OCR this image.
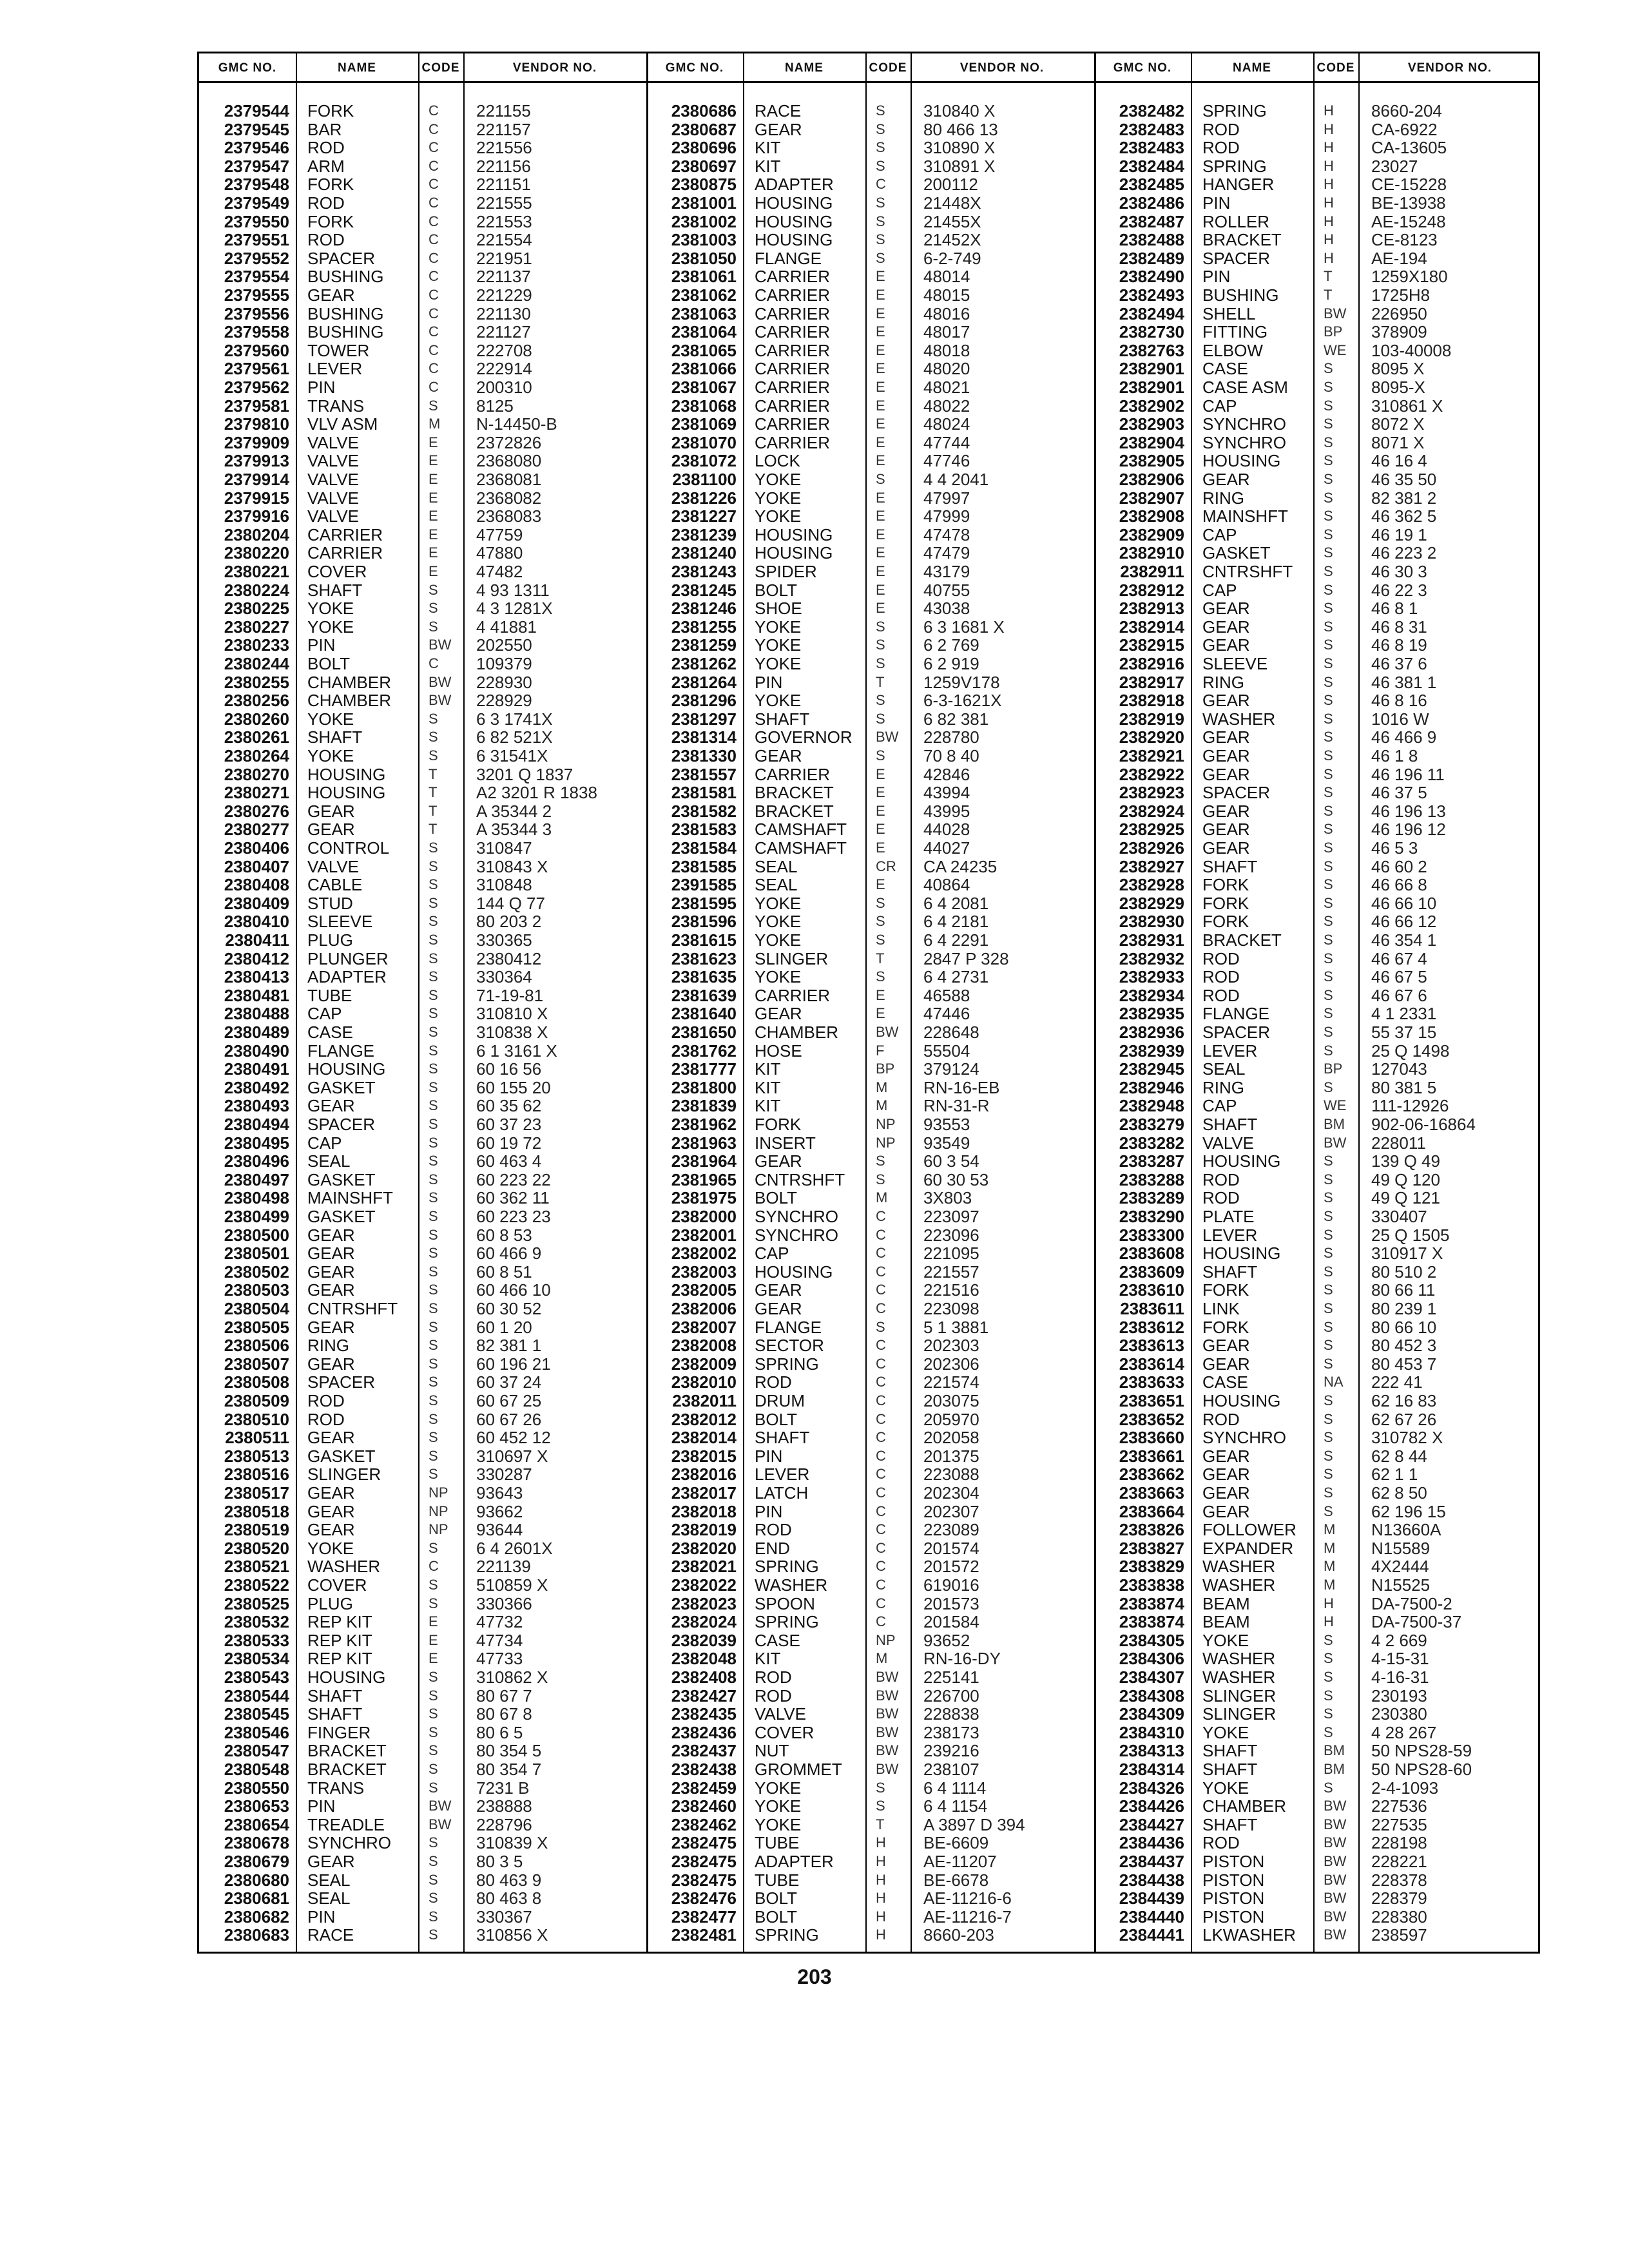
GMC NO.	NAME	CODE	VENDOR NO.	GMC NO.	NAME	CODE	VENDOR NO.	GMC NO.	NAME	CODE	VENDOR NO.
2379544 FORK	C	221155
2379545 BAR	C	221157
2379546 ROD	C	221556
2379547 ARM	C	221156
2379548 FORK	C	221151
2379549 ROD	C	221555
2379550 FORK	C	221553
2379551 ROD	C	221554
2379552 SPACER	C	221951
2379554 BUSHING	C	221137
2379555 GEAR	C	221229
2379556 BUSHING	C	221130
2379558 BUSHING	C	221127
2379560 TOWER	C	222708
2379561 LEVER	C	222914
2379562 PIN	C	200310
2379581 TRANS	S	8125
2379810 VLV ASM	M	N-14450-B
2379909 VALVE	E	2372826
2379913 VALVE	E	2368080
2379914 VALVE	E	2368081
2379915 VALVE	E	2368082
2379916 VALVE	E	2368083
2380204 CARRIER	E	47759
2380220 CARRIER	E	47880
2380221 COVER	E	47482
2380224 SHAFT	S	4 93 1311
2380225 YOKE	S	4 3 1281X
2380227 YOKE	S	4 41881
2380233 PIN	BW	202550
2380244 BOLT	C	109379
2380255 CHAMBER	BW	228930
2380256 CHAMBER	BW	228929
2380260 YOKE	S	6 3 1741X
2380261 SHAFT	S	6 82 521X
2380264 YOKE	S	6 31541X
2380270 HOUSING	T	3201 Q 1837
2380271 HOUSING	T	A2 3201 R 1838
2380276 GEAR	T	A 35344 2
2380277 GEAR	T	A 35344 3
2380406 CONTROL	S	310847
2380407 VALVE	S	310843 X
2380408 CABLE	S	310848
2380409 STUD	S	144 Q 77
2380410 SLEEVE	S	80 203 2
2380411 PLUG	S	330365
2380412 PLUNGER	S	2380412
2380413 ADAPTER	S	330364
2380481 TUBE	S	71-19-81
2380488 CAP	S	310810 X
2380489 CASE	S	310838 X
2380490 FLANGE	S	6 1 3161 X
2380491 HOUSING	S	60 16 56
2380492 GASKET	S	60 155 20
2380493 GEAR	S	60 35 62
2380494 SPACER	S	60 37 23
2380495 CAP	S	60 19 72
2380496 SEAL	S	60 463 4
2380497 GASKET	S	60 223 22
2380498 MAINSHFT	S	60 362 11
2380499 GASKET	S	60 223 23
2380500 GEAR	S	60 8 53
2380501 GEAR	S	60 466 9
2380502 GEAR	S	60 8 51
2380503 GEAR	S	60 466 10
2380504 CNTRSHFT	S	60 30 52
2380505 GEAR	S	60 1 20
2380506 RING	S	82 381 1
2380507 GEAR	S	60 196 21
2380508 SPACER	S	60 37 24
2380509 ROD	S	60 67 25
2380510 ROD	S	60 67 26
2380511 GEAR	S	60 452 12
2380513 GASKET	S	310697 X
2380516 SLINGER	S	330287
2380517 GEAR	NP	93643
2380518 GEAR	NP	93662
2380519 GEAR	NP	93644
2380520 YOKE	S	6 4 2601X
2380521 WASHER	C	221139
2380522 COVER	S	510859 X
2380525 PLUG	S	330366
2380532 REP KIT	E	47732
2380533 REP KIT	E	47734
2380534 REP KIT	E	47733
2380543 HOUSING	S	310862 X
2380544 SHAFT	S	80 67 7
2380545 SHAFT	S	80 67 8
2380546 FINGER	S	80 6 5
2380547 BRACKET	S	80 354 5
2380548 BRACKET	S	80 354 7
2380550 TRANS	S	7231 B
2380653 PIN	BW	238888
2380654 TREADLE	BW	228796
2380678 SYNCHRO	S	310839 X
2380679 GEAR	S	80 3 5
2380680 SEAL	S	80 463 9
2380681 SEAL	S	80 463 8
2380682 PIN	S	330367
2380683 RACE	S	310856 X
2380686 RACE	S	310840 X
2380687 GEAR	S	80 466 13
2380696 KIT	S	310890 X
2380697 KIT	S	310891 X
2380875 ADAPTER	C	200112
2381001 HOUSING	S	21448X
2381002 HOUSING	S	21455X
2381003 HOUSING	S	21452X
2381050 FLANGE	S	6-2-749
2381061 CARRIER	E	48014
2381062 CARRIER	E	48015
2381063 CARRIER	E	48016
2381064 CARRIER	E	48017
2381065 CARRIER	E	48018
2381066 CARRIER	E	48020
2381067 CARRIER	E	48021
2381068 CARRIER	E	48022
2381069 CARRIER	E	48024
2381070 CARRIER	E	47744
2381072 LOCK	E	47746
2381100 YOKE	S	4 4 2041
2381226 YOKE	E	47997
2381227 YOKE	E	47999
2381239 HOUSING	E	47478
2381240 HOUSING	E	47479
2381243 SPIDER	E	43179
2381245 BOLT	E	40755
2381246 SHOE	E	43038
2381255 YOKE	S	6 3 1681 X
2381259 YOKE	S	6 2 769
2381262 YOKE	S	6 2 919
2381264 PIN	T	1259V178
2381296 YOKE	S	6-3-1621X
2381297 SHAFT	S	6 82 381
2381314 GOVERNOR	BW	228780
2381330 GEAR	S	70 8 40
2381557 CARRIER	E	42846
2381581 BRACKET	E	43994
2381582 BRACKET	E	43995
2381583 CAMSHAFT	E	44028
2381584 CAMSHAFT	E	44027
2381585 SEAL	CR	CA 24235
2391585 SEAL	E	40864
2381595 YOKE	S	6 4 2081
2381596 YOKE	S	6 4 2181
2381615 YOKE	S	6 4 2291
2381623 SLINGER	T	2847 P 328
2381635 YOKE	S	6 4 2731
2381639 CARRIER	E	46588
2381640 GEAR	E	47446
2381650 CHAMBER	BW	228648
2381762 HOSE	F	55504
2381777 KIT	BP	379124
2381800 KIT	M	RN-16-EB
2381839 KIT	M	RN-31-R
2381962 FORK	NP	93553
2381963 INSERT	NP	93549
2381964 GEAR	S	60 3 54
2381965 CNTRSHFT	S	60 30 53
2381975 BOLT	M	3X803
2382000 SYNCHRO	C	223097
2382001 SYNCHRO	C	223096
2382002 CAP	C	221095
2382003 HOUSING	C	221557
2382005 GEAR	C	221516
2382006 GEAR	C	223098
2382007 FLANGE	S	5 1 3881
2382008 SECTOR	C	202303
2382009 SPRING	C	202306
2382010 ROD	C	221574
2382011 DRUM	C	203075
2382012 BOLT	C	205970
2382014 SHAFT	C	202058
2382015 PIN	C	201375
2382016 LEVER	C	223088
2382017 LATCH	C	202304
2382018 PIN	C	202307
2382019 ROD	C	223089
2382020 END	C	201574
2382021 SPRING	C	201572
2382022 WASHER	C	619016
2382023 SPOON	C	201573
2382024 SPRING	C	201584
2382039 CASE	NP	93652
2382048 KIT	M	RN-16-DY
2382408 ROD	BW	225141
2382427 ROD	BW	226700
2382435 VALVE	BW	228838
2382436 COVER	BW	238173
2382437 NUT	BW	239216
2382438 GROMMET	BW	238107
2382459 YOKE	S	6 4 1114
2382460 YOKE	S	6 4 1154
2382462 YOKE	T	A 3897 D 394
2382475 TUBE	H	BE-6609
2382475 ADAPTER	H	AE-11207
2382475 TUBE	H	BE-6678
2382476 BOLT	H	AE-11216-6
2382477 BOLT	H	AE-11216-7
2382481 SPRING	H	8660-203
2382482 SPRING	H	8660-204
2382483 ROD	H	CA-6922
2382483 ROD	H	CA-13605
2382484 SPRING	H	23027
2382485 HANGER	H	CE-15228
2382486 PIN	H	BE-13938
2382487 ROLLER	H	AE-15248
2382488 BRACKET	H	CE-8123
2382489 SPACER	H	AE-194
2382490 PIN	T	1259X180
2382493 BUSHING	T	1725H8
2382494 SHELL	BW	226950
2382730 FITTING	BP	378909
2382763 ELBOW	WE	103-40008
2382901 CASE	S	8095 X
2382901 CASE ASM	S	8095-X
2382902 CAP	S	310861 X
2382903 SYNCHRO	S	8072 X
2382904 SYNCHRO	S	8071 X
2382905 HOUSING	S	46 16 4
2382906 GEAR	S	46 35 50
2382907 RING	S	82 381 2
2382908 MAINSHFT	S	46 362 5
2382909 CAP	S	46 19 1
2382910 GASKET	S	46 223 2
2382911 CNTRSHFT	S	46 30 3
2382912 CAP	S	46 22 3
2382913 GEAR	S	46 8 1
2382914 GEAR	S	46 8 31
2382915 GEAR	S	46 8 19
2382916 SLEEVE	S	46 37 6
2382917 RING	S	46 381 1
2382918 GEAR	S	46 8 16
2382919 WASHER	S	1016 W
2382920 GEAR	S	46 466 9
2382921 GEAR	S	46 1 8
2382922 GEAR	S	46 196 11
2382923 SPACER	S	46 37 5
2382924 GEAR	S	46 196 13
2382925 GEAR	S	46 196 12
2382926 GEAR	S	46 5 3
2382927 SHAFT	S	46 60 2
2382928 FORK	S	46 66 8
2382929 FORK	S	46 66 10
2382930 FORK	S	46 66 12
2382931 BRACKET	S	46 354 1
2382932 ROD	S	46 67 4
2382933 ROD	S	46 67 5
2382934 ROD	S	46 67 6
2382935 FLANGE	S	4 1 2331
2382936 SPACER	S	55 37 15
2382939 LEVER	S	25 Q 1498
2382945 SEAL	BP	127043
2382946 RING	S	80 381 5
2382948 CAP	WE	111-12926
2383279 SHAFT	BM	902-06-16864
2383282 VALVE	BW	228011
2383287 HOUSING	S	139 Q 49
2383288 ROD	S	49 Q 120
2383289 ROD	S	49 Q 121
2383290 PLATE	S	330407
2383300 LEVER	S	25 Q 1505
2383608 HOUSING	S	310917 X
2383609 SHAFT	S	80 510 2
2383610 FORK	S	80 66 11
2383611 LINK	S	80 239 1
2383612 FORK	S	80 66 10
2383613 GEAR	S	80 452 3
2383614 GEAR	S	80 453 7
2383633 CASE	NA	222 41
2383651 HOUSING	S	62 16 83
2383652 ROD	S	62 67 26
2383660 SYNCHRO	S	310782 X
2383661 GEAR	S	62 8 44
2383662 GEAR	S	62 1 1
2383663 GEAR	S	62 8 50
2383664 GEAR	S	62 196 15
2383826 FOLLOWER	M	N13660A
2383827 EXPANDER	M	N15589
2383829 WASHER	M	4X2444
2383838 WASHER	M	N15525
2383874 BEAM	H	DA-7500-2
2383874 BEAM	H	DA-7500-37
2384305 YOKE	S	4 2 669
2384306 WASHER	S	4-15-31
2384307 WASHER	S	4-16-31
2384308 SLINGER	S	230193
2384309 SLINGER	S	230380
2384310 YOKE	S	4 28 267
2384313 SHAFT	BM	50 NPS28-59
2384314 SHAFT	BM	50 NPS28-60
2384326 YOKE	S	2-4-1093
2384426 CHAMBER	BW	227536
2384427 SHAFT	BW	227535
2384436 ROD	BW	228198
2384437 PISTON	BW	228221
2384438 PISTON	BW	228378
2384439 PISTON	BW	228379
2384440 PISTON	BW	228380
2384441 LKWASHER	BW	238597
203
